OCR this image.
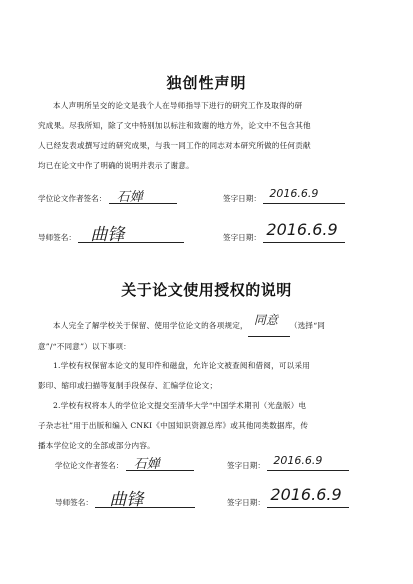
独创性声明
本人声明所呈交的论文是我个人在导师指导下进行的研究工作及取得的研
究成果。尽我所知，除了文中特别加以标注和致谢的地方外，论文中不包含其他
人已经发表或撰写过的研究成果，与我一同工作的同志对本研究所做的任何贡献
均已在论文中作了明确的说明并表示了谢意。
学位论文作者签名： 石婵
	签字日期： 2016.6.9

导师签名： 曲锋
	签字日期： 2016.6.9

关于论文使用授权的说明
本人完全了解学校关于保留、使用学位论文的各项规定， 同意 （选择“同
意”/“不同意”）以下事项：
1.学校有权保留本论文的复印件和磁盘，允许论文被查阅和借阅，可以采用
影印、缩印或扫描等复制手段保存、汇编学位论文；
2.学校有权将本人的学位论文提交至清华大学“中国学术期刊（光盘版）电
子杂志社”用于出版和编入 CNKI《中国知识资源总库》或其他同类数据库，传
播本学位论文的全部或部分内容。
学位论文作者签名： 石婵
	签字日期： 2016.6.9

导师签名： 曲锋
	签字日期： 2016.6.9
